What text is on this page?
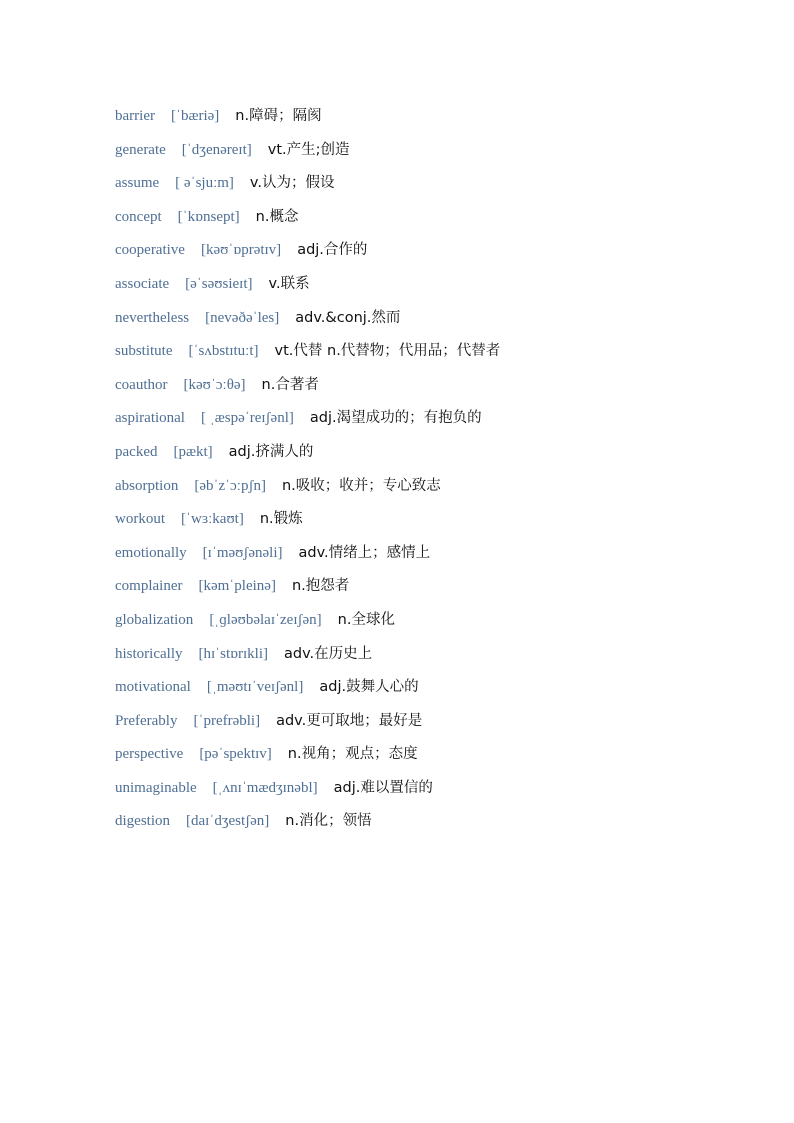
barrier [ˈbæriə] n.障碍；隔阂
generate [ˈdʒenəreɪt] vt.产生;创造
assume [ əˈsjuːm] v.认为；假设
concept [ˈkɒnsept] n.概念
cooperative [kəʊˈɒprətɪv] adj.合作的
associate [əˈsəʊsieɪt] v.联系
nevertheless [nevəðəˈles] adv.&conj.然而
substitute [ˈsʌbstɪtuːt] vt.代替 n.代替物；代用品；代替者
coauthor [kəʊˈɔːθə] n.合著者
aspirational [ ˌæspəˈreɪʃənl] adj.渴望成功的；有抱负的
packed [pækt] adj.挤满人的
absorption [əbˈzˈɔːpʃn] n.吸收；收并；专心致志
workout [ˈwɜːkaʊt] n.锻炼
emotionally [ɪˈməʊʃənəli] adv.情绪上；感情上
complainer [kəmˈpleinə] n.抱怨者
globalization [ˌɡləʊbəlaɪˈzeɪʃən] n.全球化
historically [hɪˈstɒrɪkli] adv.在历史上
motivational [ˌməʊtɪˈveɪʃənl] adj.鼓舞人心的
Preferably [ˈprefrəbli] adv.更可取地；最好是
perspective [pəˈspektɪv] n.视角；观点；态度
unimaginable [ˌʌnɪˈmædʒɪnəbl] adj.难以置信的
digestion [daɪˈdʒestʃən] n.消化；领悟
